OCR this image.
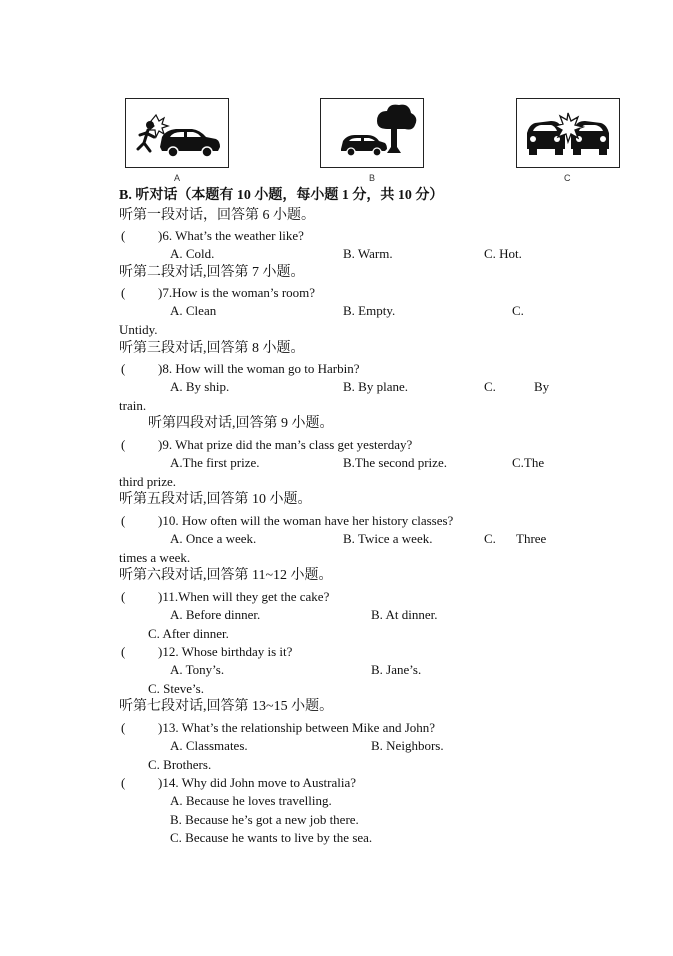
A	B	C
B. 听对话（本题有 10 小题，每小题 1 分，共 10 分）
听第一段对话，回答第 6 小题。
(	)6. What’s the weather like?
A. Cold.	B. Warm.	C. Hot.
听第二段对话,回答第 7 小题。
(	)7.How is the woman’s room?
A. Clean	B. Empty.	C.
Untidy.
听第三段对话,回答第 8 小题。
(	)8. How will the woman go to Harbin?
A. By ship.	B. By plane.	C.	By
train.
听第四段对话,回答第 9 小题。
(	)9. What prize did the man’s class get yesterday?
A.The first prize.	B.The second prize.	C.The
third prize.
听第五段对话,回答第 10 小题。
(	)10. How often will the woman have her history classes?
A. Once a week.	B. Twice a week.	C. Three
times a week.
听第六段对话,回答第 11~12 小题。
(	)11.When will they get the cake?
A. Before dinner.	B. At dinner.
C. After dinner.
(	)12. Whose birthday is it?
A. Tony’s.	B. Jane’s.
C. Steve’s.
听第七段对话,回答第 13~15 小题。
(	)13. What’s the relationship between Mike and John?
A. Classmates.	B. Neighbors.
C. Brothers.
(	)14. Why did John move to Australia?
A. Because he loves travelling.
B. Because he’s got a new job there.
C. Because he wants to live by the sea.
